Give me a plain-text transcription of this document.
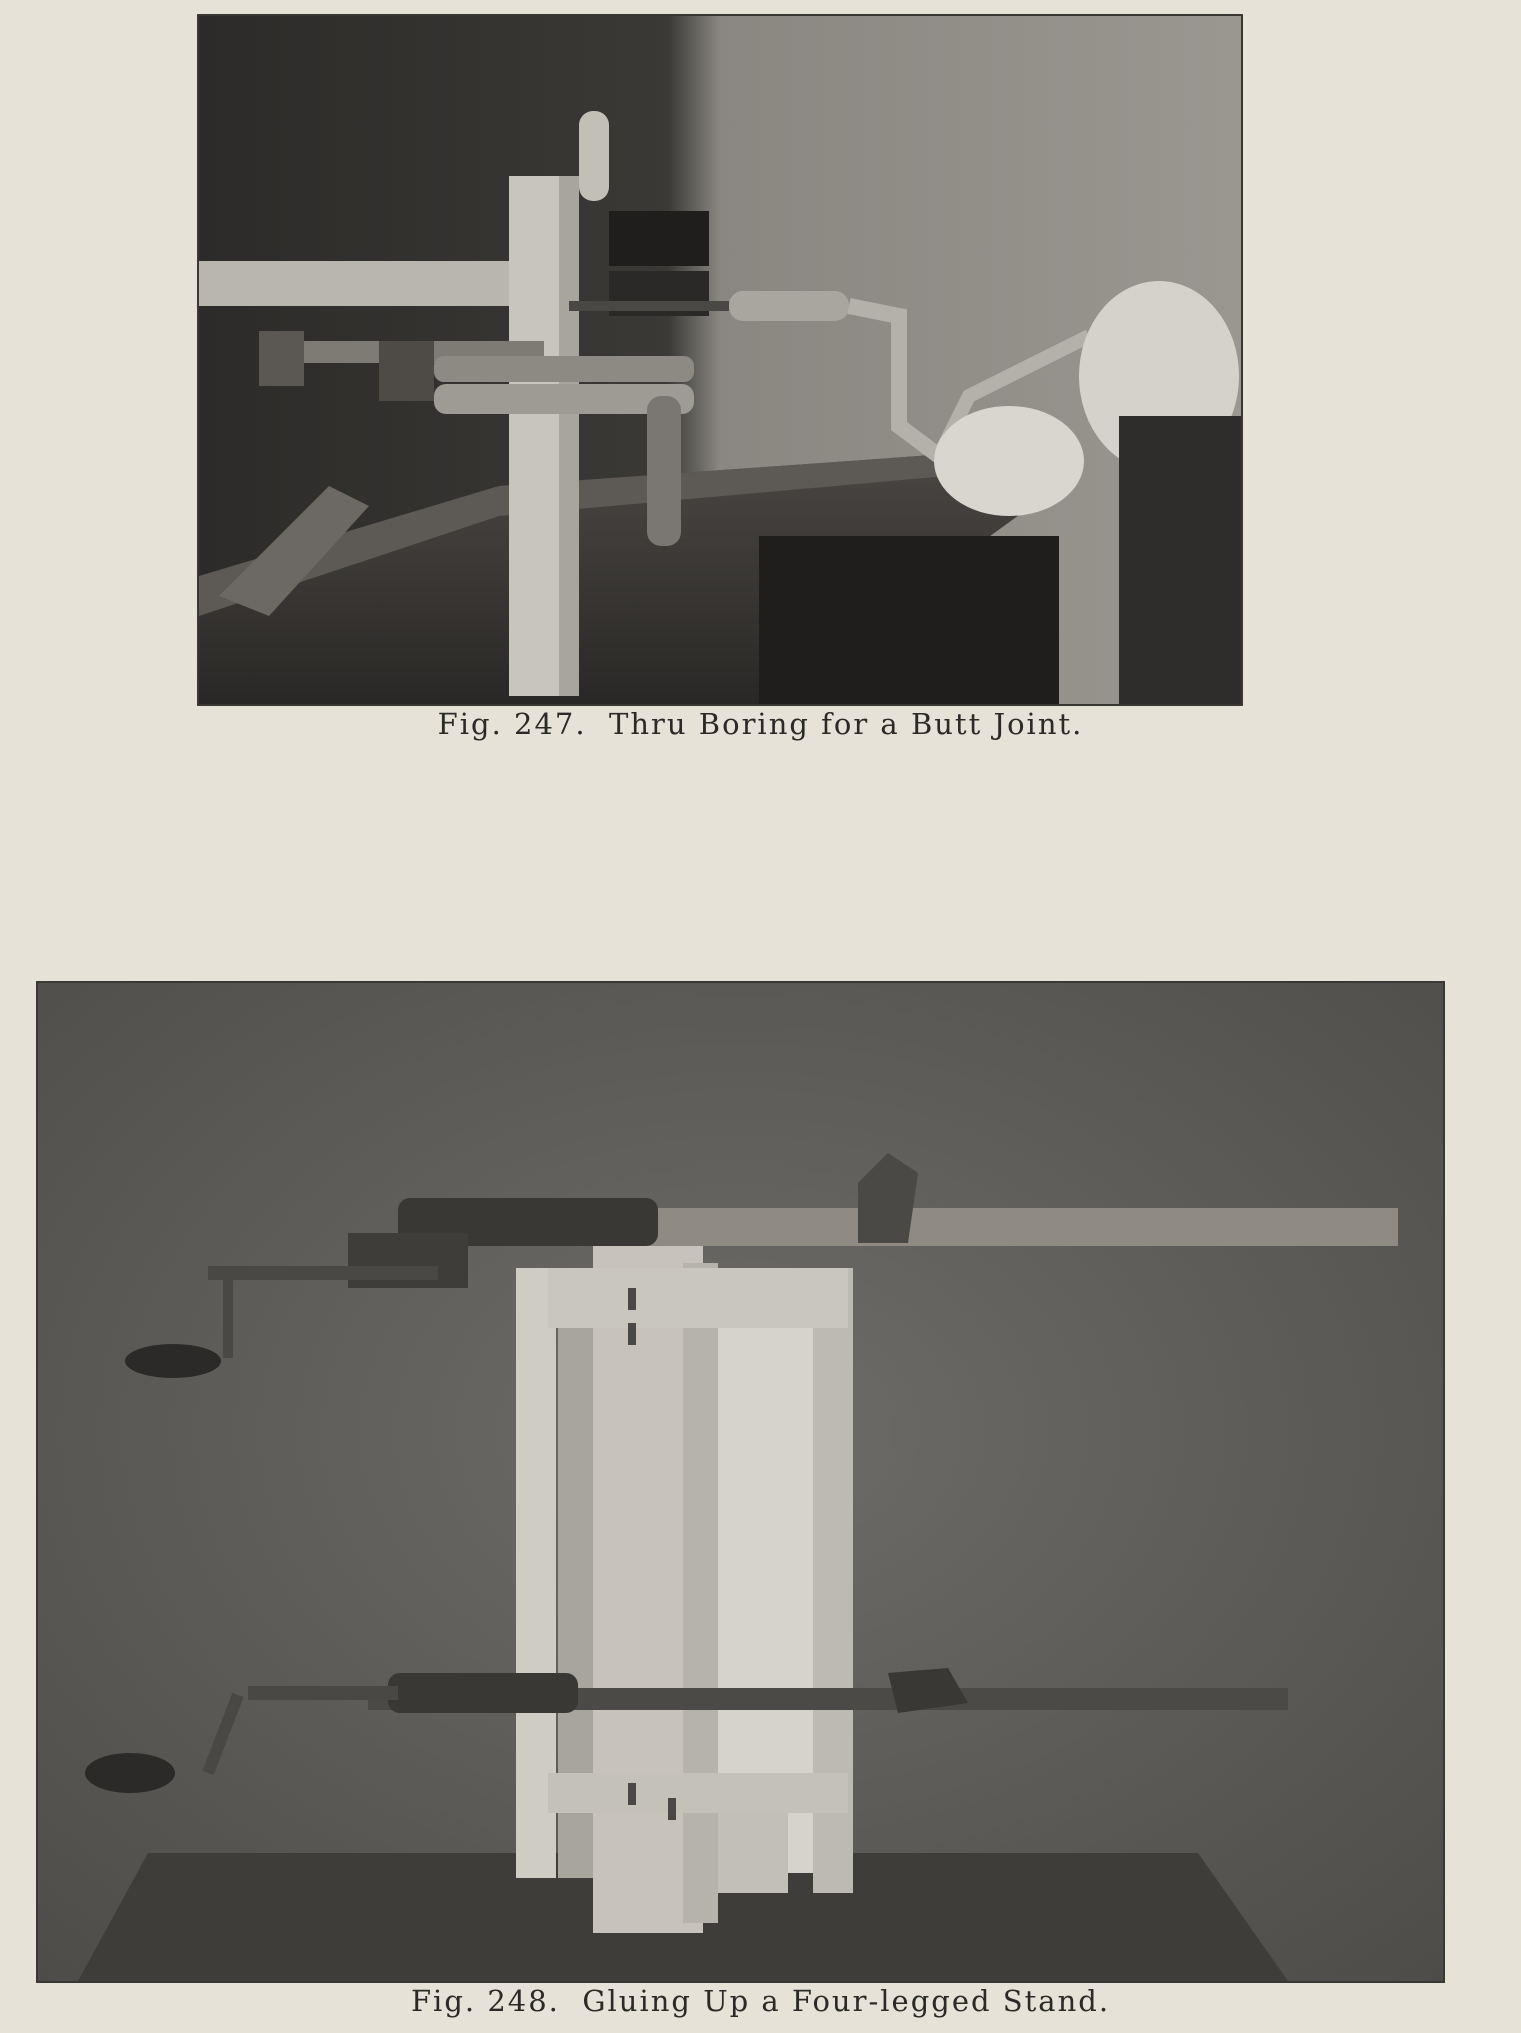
Fig. 247. Thru Boring for a Butt Joint.
Fig. 248. Gluing Up a Four-legged Stand.
